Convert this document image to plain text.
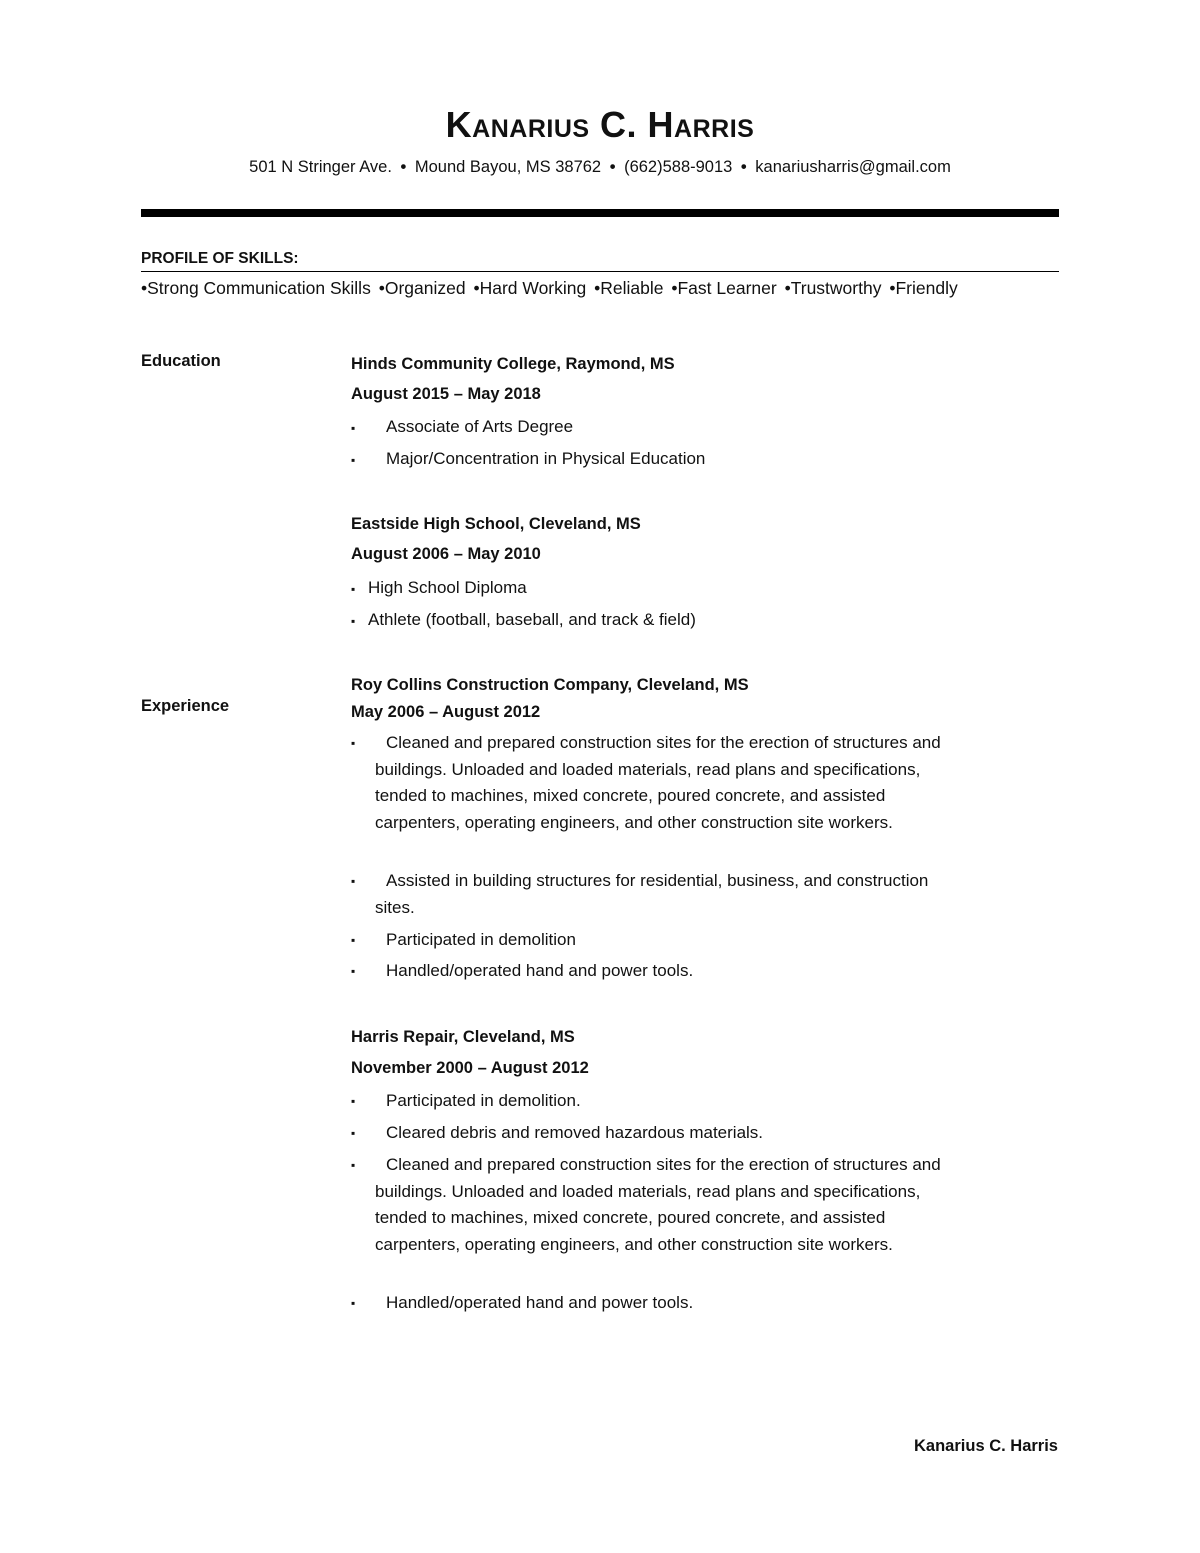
Kanarius C. Harris
501 N Stringer Ave. • Mound Bayou, MS 38762 • (662)588-9013 • kanariusharris@gmail.com
PROFILE OF SKILLS:
•Strong Communication Skills •Organized •Hard Working •Reliable •Fast Learner •Trustworthy •Friendly
Education	Hinds Community College, Raymond, MS
August 2015 – May 2018
▪ Associate of Arts Degree
▪ Major/Concentration in Physical Education
Eastside High School, Cleveland, MS
August 2006 – May 2010
▪ High School Diploma
▪ Athlete (football, baseball, and track & field)
Experience
Roy Collins Construction Company, Cleveland, MS
May 2006 – August 2012
▪	Cleaned and prepared construction sites for the erection of structures and buildings. Unloaded and loaded materials, read plans and specifications, tended to machines, mixed concrete, poured concrete, and assisted carpenters, operating engineers, and other construction site workers.
▪	Assisted in building structures for residential, business, and construction sites.
▪	Participated in demolition
▪	Handled/operated hand and power tools.
Harris Repair, Cleveland, MS
November 2000 – August 2012
▪	Participated in demolition.
▪	Cleared debris and removed hazardous materials.
▪	Cleaned and prepared construction sites for the erection of structures and buildings. Unloaded and loaded materials, read plans and specifications, tended to machines, mixed concrete, poured concrete, and assisted carpenters, operating engineers, and other construction site workers.
▪	Handled/operated hand and power tools.
Kanarius C. Harris
